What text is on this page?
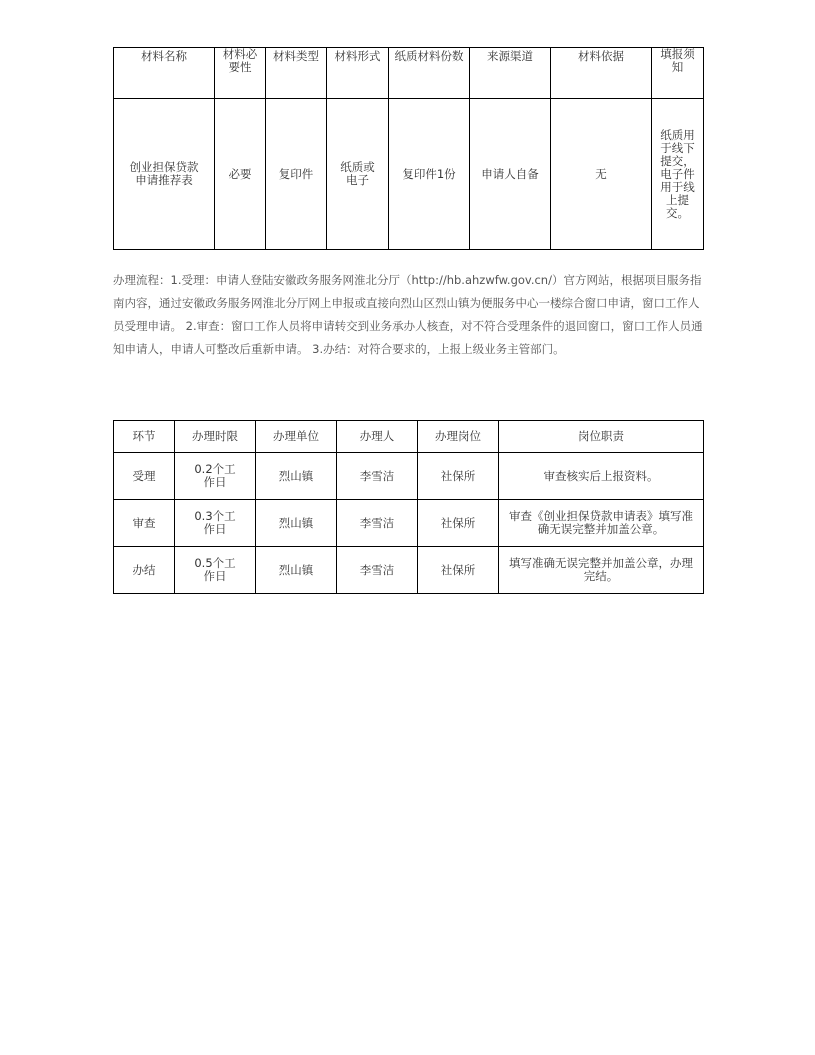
材料名称	材料必要性	材料类型	材料形式	纸质材料份数	来源渠道	材料依据	填报须知
创业担保贷款申请推荐表	必要	复印件	纸质或电子	复印件1份	申请人自备	无	纸质用于线下提交，电子件用于线上提交。

办理流程：1.受理：申请人登陆安徽政务服务网淮北分厅（http://hb.ahzwfw.gov.cn/）官方网站，根据项目服务指南内容，通过安徽政务服务网淮北分厅网上申报或直接向烈山区烈山镇为便服务中心一楼综合窗口申请，窗口工作人员受理申请。 2.审查：窗口工作人员将申请转交到业务承办人核查，对不符合受理条件的退回窗口，窗口工作人员通知申请人，申请人可整改后重新申请。 3.办结：对符合要求的，上报上级业务主管部门。

环节	办理时限	办理单位	办理人	办理岗位	岗位职责
受理	0.2个工作日	烈山镇	李雪洁	社保所	审查核实后上报资料。
审查	0.3个工作日	烈山镇	李雪洁	社保所	审查《创业担保贷款申请表》填写准确无误完整并加盖公章。
办结	0.5个工作日	烈山镇	李雪洁	社保所	填写准确无误完整并加盖公章，办理完结。
